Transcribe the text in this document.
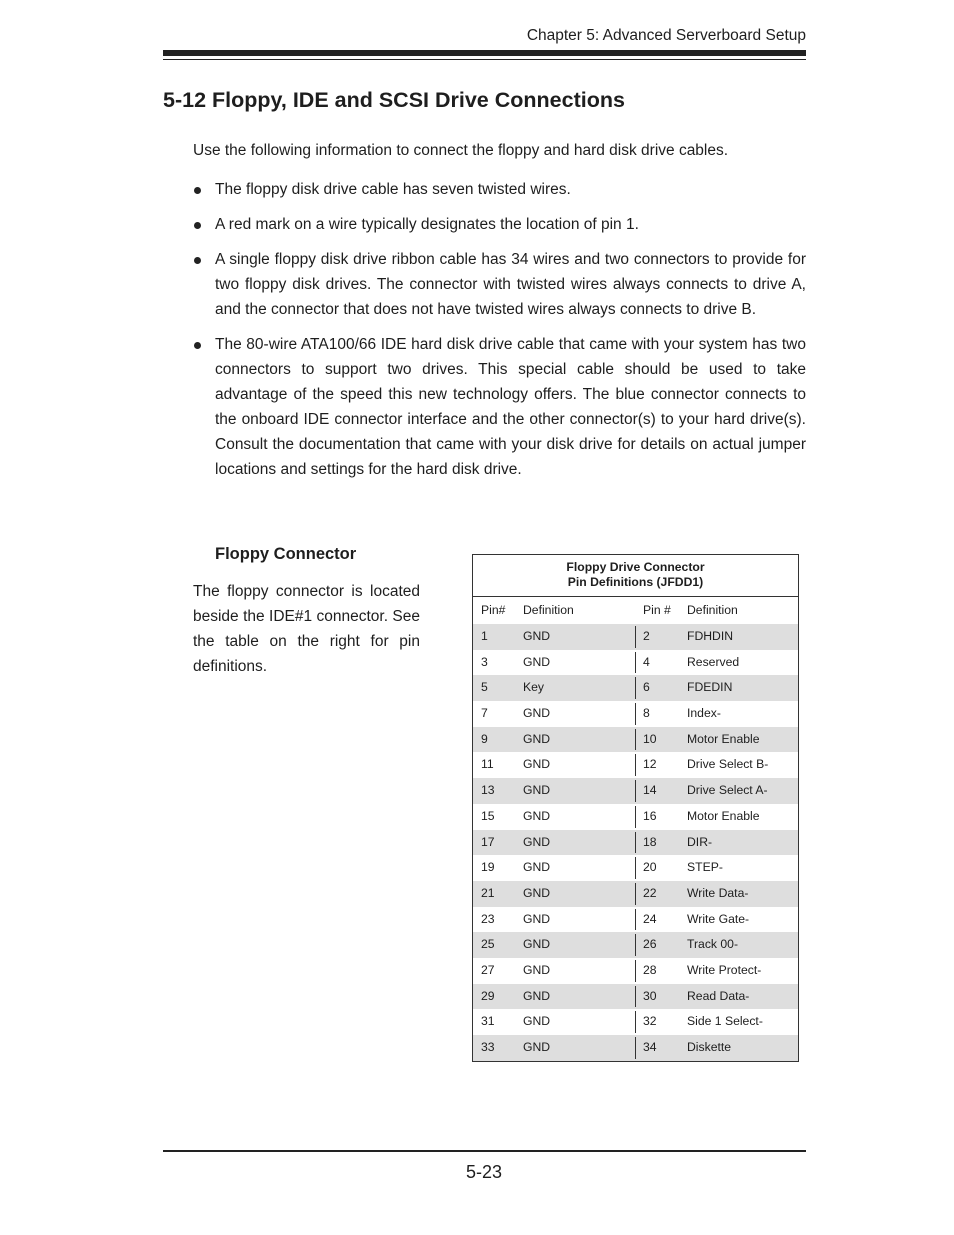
Chapter 5: Advanced Serverboard Setup
5-12 Floppy, IDE and SCSI Drive Connections

Use the following information to connect the floppy and hard disk drive cables.

The floppy disk drive cable has seven twisted wires.
A red mark on a wire typically designates the location of pin 1.
A single floppy disk drive ribbon cable has 34 wires and two connectors to provide for two floppy disk drives. The connector with twisted wires always connects to drive A, and the connector that does not have twisted wires always connects to drive B.
The 80-wire ATA100/66 IDE hard disk drive cable that came with your system has two connectors to support two drives. This special cable should be used to take advantage of the speed this new technology offers. The blue connector connects to the onboard IDE connector interface and the other connector(s) to your hard drive(s). Consult the documentation that came with your disk drive for details on actual jumper locations and settings for the hard disk drive.
Floppy Connector

The floppy connector is located beside the IDE#1 connector. See the table on the right for pin definitions.

Floppy Drive Connector
Pin Definitions (JFDD1)
Pin# Definition	Pin # Definition
1	GND	2	FDHDIN
3	GND	4	Reserved
5	Key	6	FDEDIN
7	GND	8	Index-
9	GND	10 Motor Enable
11 GND	12 Drive Select B-
13 GND	14 Drive Select A-
15 GND	16 Motor Enable
17 GND	18 DIR-
19 GND	20 STEP-
21 GND	22 Write Data-
23 GND	24 Write Gate-
25 GND	26 Track 00-
27 GND	28 Write Protect-
29 GND	30 Read Data-
31 GND	32 Side 1 Select-
33 GND	34 Diskette

5-23
